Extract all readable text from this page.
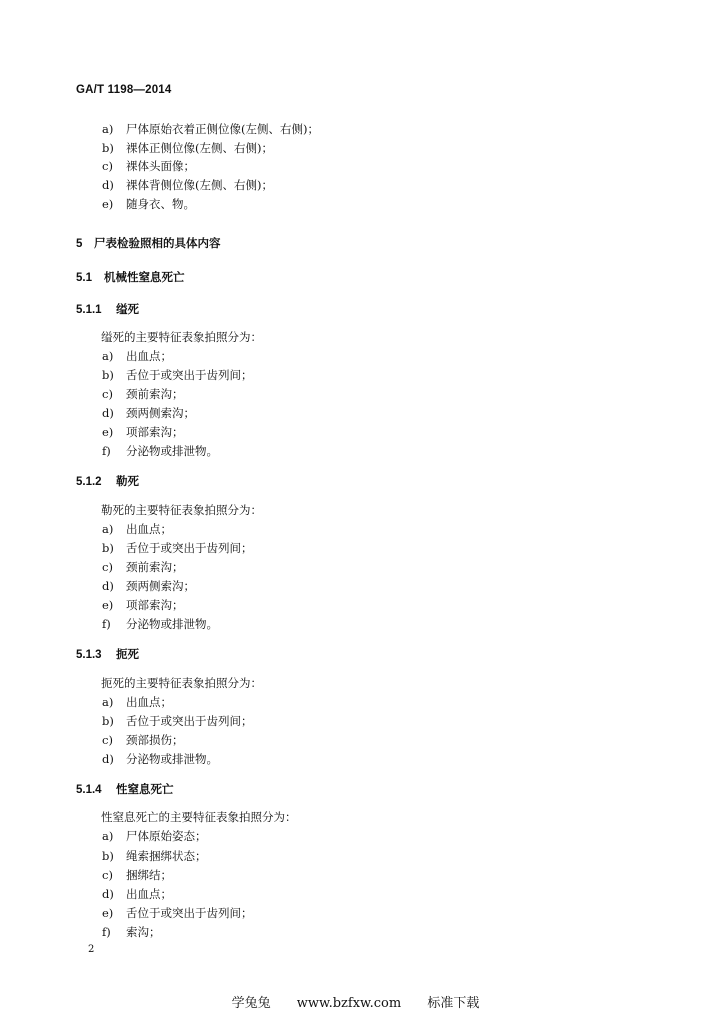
GA/T 1198—2014
a) 尸体原始衣着正侧位像(左侧、右侧)；
b) 裸体正侧位像(左侧、右侧)；
c) 裸体头面像；
d) 裸体背侧位像(左侧、右侧)；
e) 随身衣、物。
5 尸表检验照相的具体内容
5.1 机械性窒息死亡
5.1.1 缢死
缢死的主要特征表象拍照分为：
a) 出血点；
b) 舌位于或突出于齿列间；
c) 颈前索沟；
d) 颈两侧索沟；
e) 项部索沟；
f) 分泌物或排泄物。
5.1.2 勒死
勒死的主要特征表象拍照分为：
a) 出血点；
b) 舌位于或突出于齿列间；
c) 颈前索沟；
d) 颈两侧索沟；
e) 项部索沟；
f) 分泌物或排泄物。
5.1.3 扼死
扼死的主要特征表象拍照分为：
a) 出血点；
b) 舌位于或突出于齿列间；
c) 颈部损伤；
d) 分泌物或排泄物。
5.1.4 性窒息死亡
性窒息死亡的主要特征表象拍照分为：
a) 尸体原始姿态；
b) 绳索捆绑状态；
c) 捆绑结；
d) 出血点；
e) 舌位于或突出于齿列间；
f) 索沟；
2
学兔兔 www.bzfxw.com 标准下载
